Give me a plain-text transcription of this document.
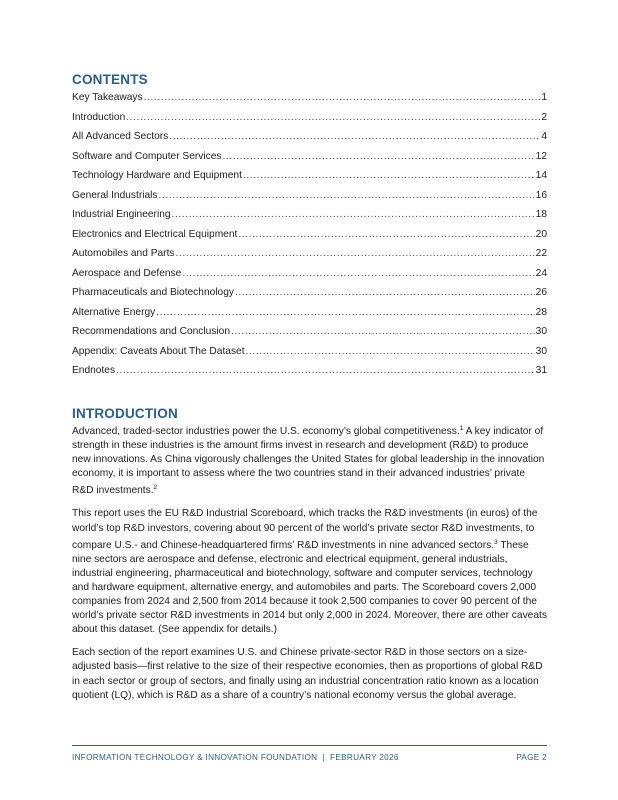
CONTENTS
Key Takeaways .....	1
Introduction .....	2
All Advanced Sectors .....	4
Software and Computer Services .....	12
Technology Hardware and Equipment .....	14
General Industrials .....	16
Industrial Engineering .....	18
Electronics and Electrical Equipment .....	20
Automobiles and Parts .....	22
Aerospace and Defense .....	24
Pharmaceuticals and Biotechnology .....	26
Alternative Energy .....	28
Recommendations and Conclusion .....	30
Appendix: Caveats About The Dataset .....	30
Endnotes .....	31
INTRODUCTION

Advanced, traded-sector industries power the U.S. economy’s global competitiveness.$^1$ A key indicator of strength in these industries is the amount firms invest in research and development (R&D) to produce new innovations. As China vigorously challenges the United States for global leadership in the innovation economy, it is important to assess where the two countries stand in their advanced industries’ private R&D investments.$^2$

This report uses the EU R&D Industrial Scoreboard, which tracks the R&D investments (in euros) of the world’s top R&D investors, covering about 90 percent of the world’s private sector R&D investments, to compare U.S.- and Chinese-headquartered firms’ R&D investments in nine advanced sectors.$^3$ These nine sectors are aerospace and defense, electronic and electrical equipment, general industrials, industrial engineering, pharmaceutical and biotechnology, software and computer services, technology and hardware equipment, alternative energy, and automobiles and parts. The Scoreboard covers 2,000 companies from 2024 and 2,500 from 2014 because it took 2,500 companies to cover 90 percent of the world’s private sector R&D investments in 2014 but only 2,000 in 2024. Moreover, there are other caveats about this dataset. (See appendix for details.)

Each section of the report examines U.S. and Chinese private-sector R&D in those sectors on a size-adjusted basis—first relative to the size of their respective economies, then as proportions of global R&D in each sector or group of sectors, and finally using an industrial concentration ratio known as a location quotient (LQ), which is R&D as a share of a country’s national economy versus the global average.

INFORMATION TECHNOLOGY & INNOVATION FOUNDATION  |  FEBRUARY 2026	PAGE 2
